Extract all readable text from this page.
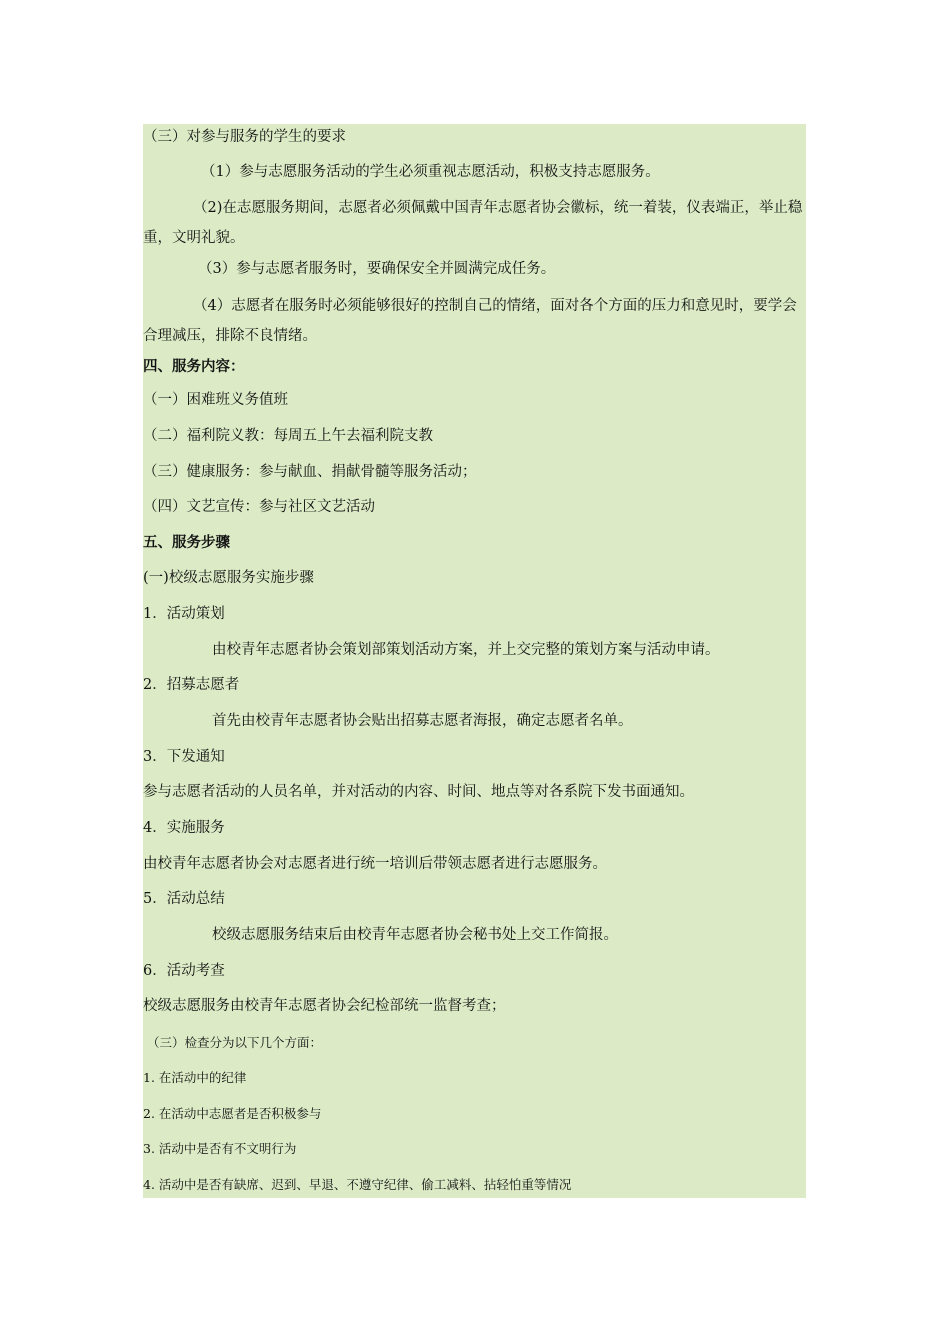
（三）对参与服务的学生的要求
（1）参与志愿服务活动的学生必须重视志愿活动，积极支持志愿服务。
（2)在志愿服务期间，志愿者必须佩戴中国青年志愿者协会徽标，统一着装，仪表端正，举止稳重，文明礼貌。
（3）参与志愿者服务时，要确保安全并圆满完成任务。
（4）志愿者在服务时必须能够很好的控制自己的情绪，面对各个方面的压力和意见时，要学会合理减压，排除不良情绪。
四、服务内容：
（一）困难班义务值班
（二）福利院义教：每周五上午去福利院支教
（三）健康服务：参与献血、捐献骨髓等服务活动；
（四）文艺宣传：参与社区文艺活动
五、服务步骤
(一)校级志愿服务实施步骤
1．活动策划
由校青年志愿者协会策划部策划活动方案，并上交完整的策划方案与活动申请。
2．招募志愿者
首先由校青年志愿者协会贴出招募志愿者海报，确定志愿者名单。
3．下发通知
参与志愿者活动的人员名单，并对活动的内容、时间、地点等对各系院下发书面通知。
4．实施服务
由校青年志愿者协会对志愿者进行统一培训后带领志愿者进行志愿服务。
5．活动总结
校级志愿服务结束后由校青年志愿者协会秘书处上交工作简报。
6．活动考查
校级志愿服务由校青年志愿者协会纪检部统一监督考查；
（三）检查分为以下几个方面：
1. 在活动中的纪律
2. 在活动中志愿者是否积极参与
3. 活动中是否有不文明行为
4. 活动中是否有缺席、迟到、早退、不遵守纪律、偷工减料、拈轻怕重等情况
